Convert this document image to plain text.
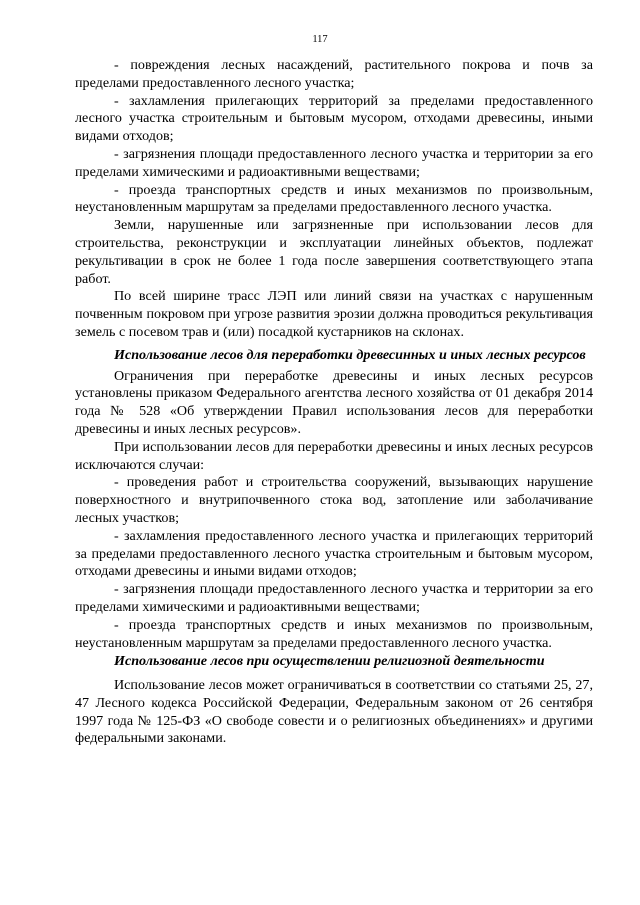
117

- повреждения лесных насаждений, растительного покрова и почв за пределами предоставленного лесного участка;

- захламления прилегающих территорий за пределами предоставленного лесного участка строительным и бытовым мусором, отходами древесины, иными видами отходов;

- загрязнения площади предоставленного лесного участка и территории за его пределами химическими и радиоактивными веществами;

- проезда транспортных средств и иных механизмов по произвольным, неустановленным маршрутам за пределами предоставленного лесного участка.

Земли, нарушенные или загрязненные при использовании лесов для строительства, реконструкции и эксплуатации линейных объектов, подлежат рекультивации в срок не более 1 года после завершения соответствующего этапа работ.

По всей ширине трасс ЛЭП или линий связи на участках с нарушенным почвенным покровом при угрозе развития эрозии должна проводиться рекультивация земель с посевом трав и (или) посадкой кустарников на склонах.

Использование лесов для переработки древесинных и иных лесных ресурсов

Ограничения при переработке древесины и иных лесных ресурсов установлены приказом Федерального агентства лесного хозяйства от 01 декабря 2014 года № 528 «Об утверждении Правил использования лесов для переработки древесины и иных лесных ресурсов».

При использовании лесов для переработки древесины и иных лесных ресурсов исключаются случаи:

- проведения работ и строительства сооружений, вызывающих нарушение поверхностного и внутрипочвенного стока вод, затопление или заболачивание лесных участков;

- захламления предоставленного лесного участка и прилегающих территорий за пределами предоставленного лесного участка строительным и бытовым мусором, отходами древесины и иными видами отходов;

- загрязнения площади предоставленного лесного участка и территории за его пределами химическими и радиоактивными веществами;

- проезда транспортных средств и иных механизмов по произвольным, неустановленным маршрутам за пределами предоставленного лесного участка.

Использование лесов при осуществлении религиозной деятельности

Использование лесов может ограничиваться в соответствии со статьями 25, 27, 47 Лесного кодекса Российской Федерации, Федеральным законом от 26 сентября 1997 года № 125-ФЗ «О свободе совести и о религиозных объединениях» и другими федеральными законами.
